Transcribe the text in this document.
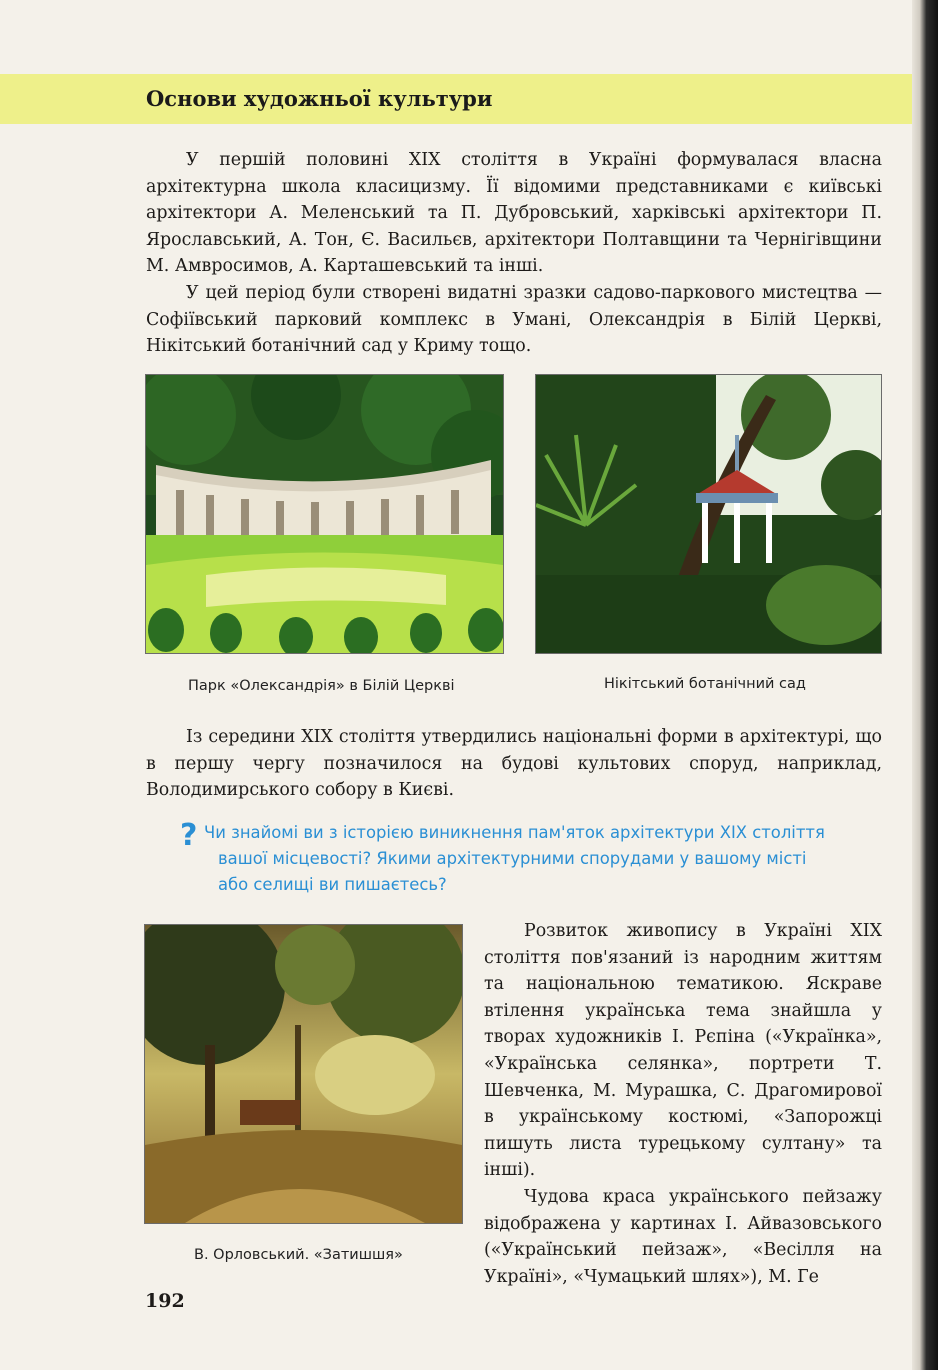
Основи художньої культури

У першій половині XIX століття в Україні формувалася власна архітектурна школа класицизму. Її відомими представниками є київські архітектори А. Меленський та П. Дубровський, харківські архітектори П. Ярославський, А. Тон, Є. Васильєв, архітектори Полтавщини та Чернігівщини М. Амвросимов, А. Карташевський та інші.

У цей період були створені видатні зразки садово-паркового мистецтва — Софіївський парковий комплекс в Умані, Олександрія в Білій Церкві, Нікітський ботанічний сад у Криму тощо.

Парк «Олександрія» в Білій Церкві	Нікітський ботанічний сад

Із середини XIX століття утвердились національні форми в архітектурі, що в першу чергу позначилося на будові культових споруд, наприклад, Володимирського собору в Києві.

? Чи знайомі ви з історією виникнення пам'яток архітектури XIX століття
вашої місцевості? Якими архітектурними спорудами у вашому місті
або селищі ви пишаєтесь?
В. Орловський. «Затишшя»

Розвиток живопису в Україні XIX століття пов'язаний із народним життям та національною тематикою. Яскраве втілення українська тема знайшла у творах художників І. Рєпіна («Українка», «Українська селянка», портрети Т. Шевченка, М. Мурашка, С. Драгомирової в українському костюмі, «Запорожці пишуть листа турецькому султану» та інші).

Чудова краса українського пейзажу відображена у картинах І. Айвазовського («Український пейзаж», «Весілля на Україні», «Чумацький шлях»), М. Ге

192
